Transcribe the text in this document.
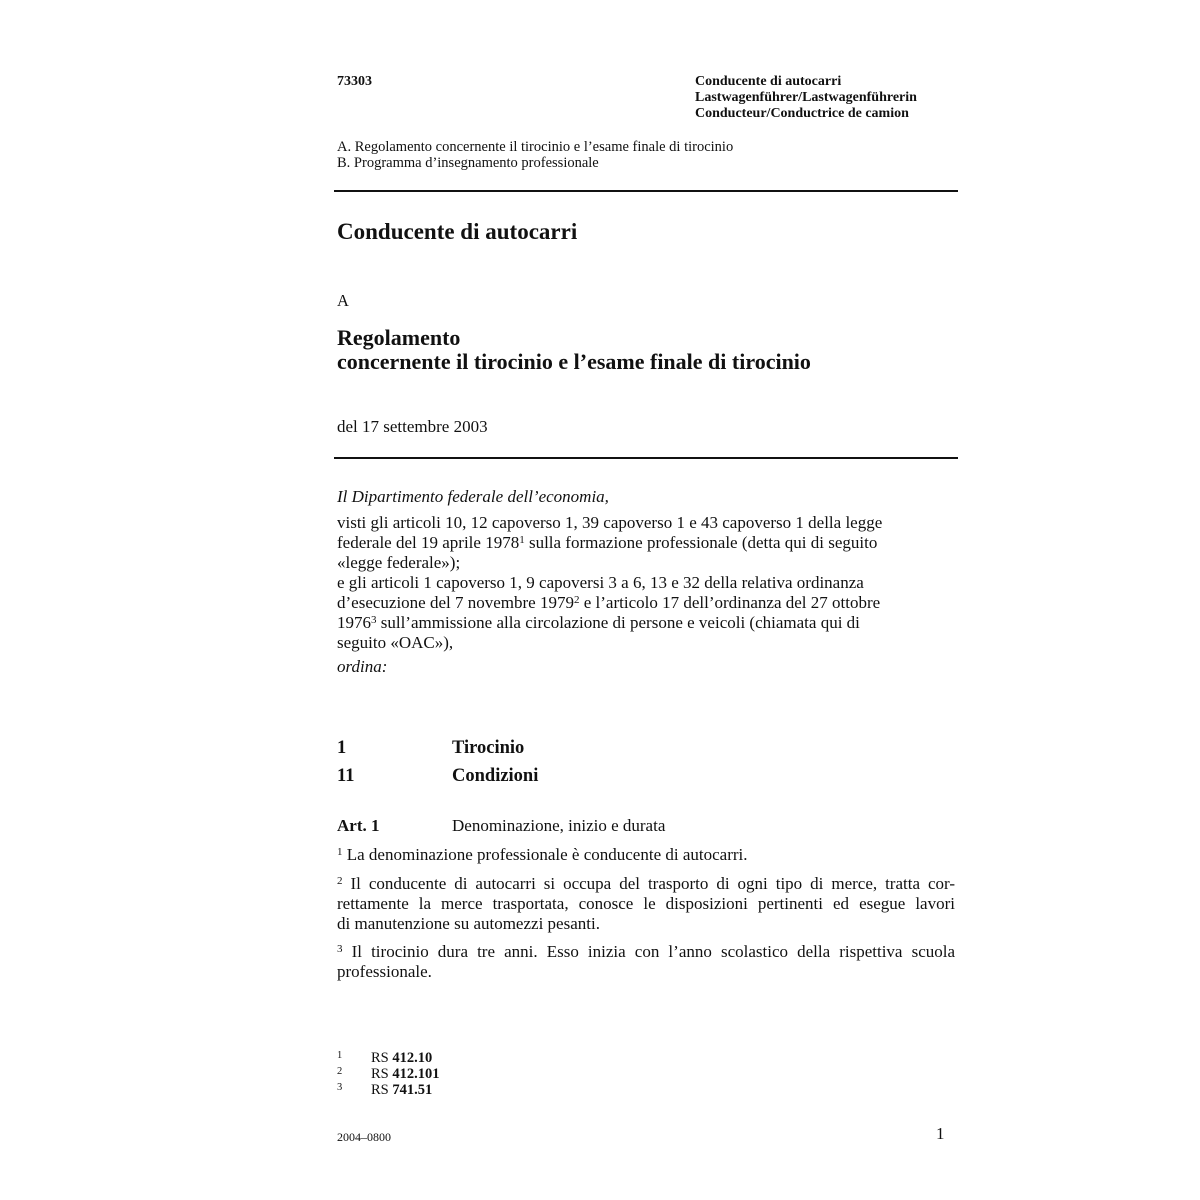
73303	Conducente di autocarri
Lastwagenführer/Lastwagenführerin
Conducteur/Conductrice de camion
A. Regolamento concernente il tirocinio e l’esame finale di tirocinio
B. Programma d’insegnamento professionale
Conducente di autocarri
A
Regolamento
concernente il tirocinio e l’esame finale di tirocinio
del 17 settembre 2003
Il Dipartimento federale dell’economia,
visti gli articoli 10, 12 capoverso 1, 39 capoverso 1 e 43 capoverso 1 della legge
federale del 19 aprile 1978$^1$ sulla formazione professionale (detta qui di seguito
«legge federale»);
e gli articoli 1 capoverso 1, 9 capoversi 3 a 6, 13 e 32 della relativa ordinanza
d’esecuzione del 7 novembre 1979$^2$ e l’articolo 17 dell’ordinanza del 27 ottobre
1976$^3$ sull’ammissione alla circolazione di persone e veicoli (chiamata qui di
seguito «OAC»),
ordina:
1	Tirocinio
11	Condizioni
Art. 1	Denominazione, inizio e durata
$^1$ La denominazione professionale è conducente di autocarri.
$^2$ Il conducente di autocarri si occupa del trasporto di ogni tipo di merce, tratta cor-
rettamente la merce trasportata, conosce le disposizioni pertinenti ed esegue lavori
di manutenzione su automezzi pesanti.
$^3$ Il tirocinio dura tre anni. Esso inizia con l’anno scolastico della rispettiva scuola
professionale.
1 RS 412.10
2 RS 412.101
3 RS 741.51
2004–0800	1
